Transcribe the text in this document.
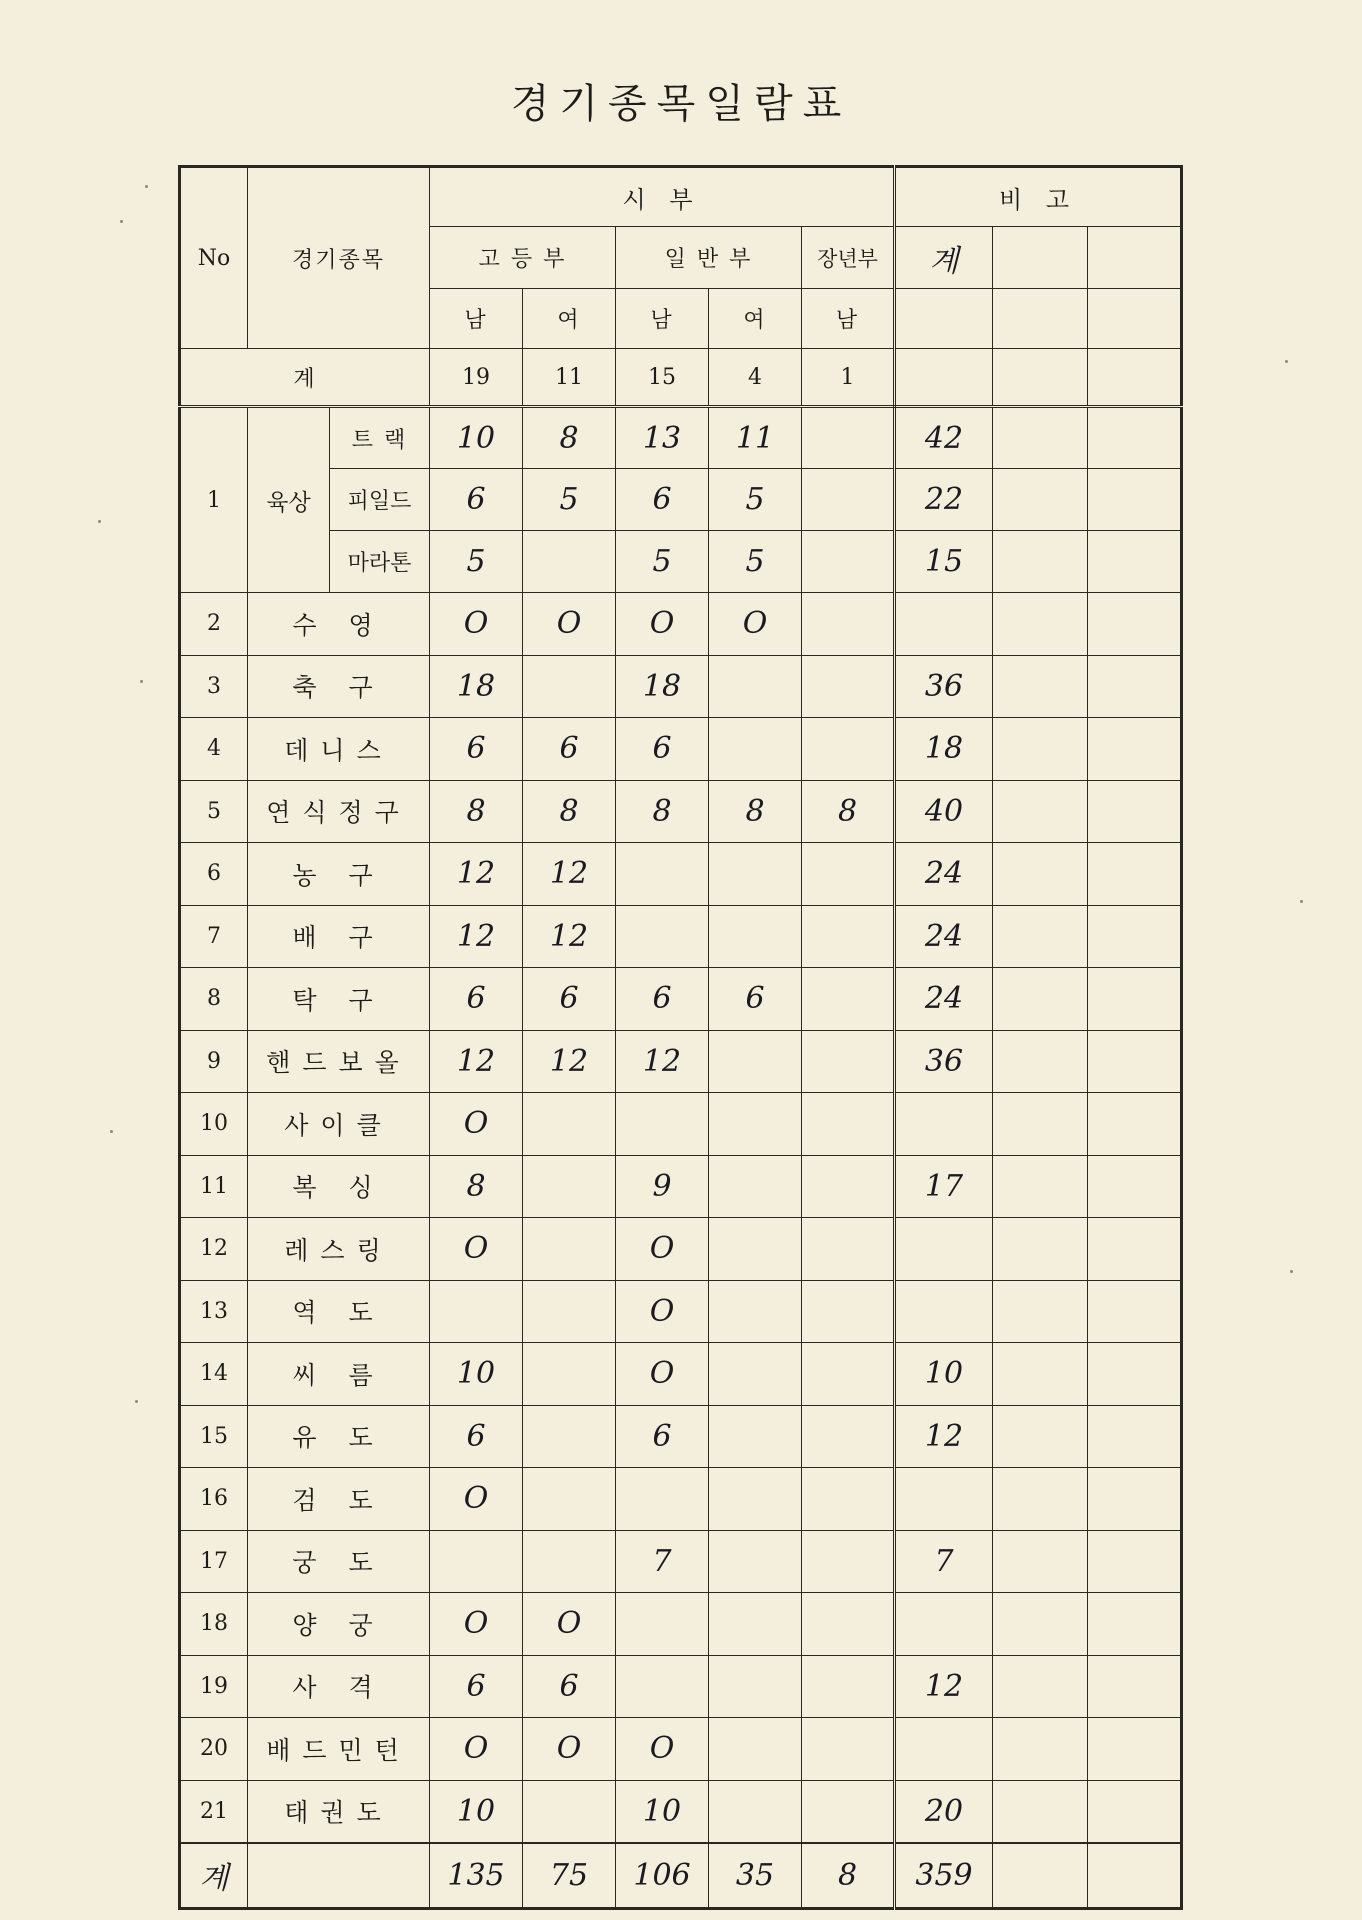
경기종목일람표
No	경기종목		시 부					비 고		
			고 등 부		일 반 부		장년부	계		
			남	여	남	여	남			
계			19	11	15	4	1			
1	육상	트 랙	10	8	13	11		42		
		피일드	6	5	6	5		22		
		마라톤	5		5	5		15		
2	수 영		O	O	O	O				
3	축 구		18		18			36		
4	데니스		6	6	6			18		
5	연식정구		8	8	8	8	8	40		
6	농 구		12	12				24		
7	배 구		12	12				24		
8	탁 구		6	6	6	6		24		
9	핸드보올		12	12	12			36		
10	사이클		O							
11	복 싱		8		9			17		
12	레스링		O		O					
13	역 도				O					
14	씨 름		10		O			10		
15	유 도		6		6			12		
16	검 도		O							
17	궁 도				7			7		
18	양 궁		O	O						
19	사 격		6	6				12		
20	배드민턴		O	O	O					
21	태권도		10		10			20		
계			135	75	106	35	8	359		
